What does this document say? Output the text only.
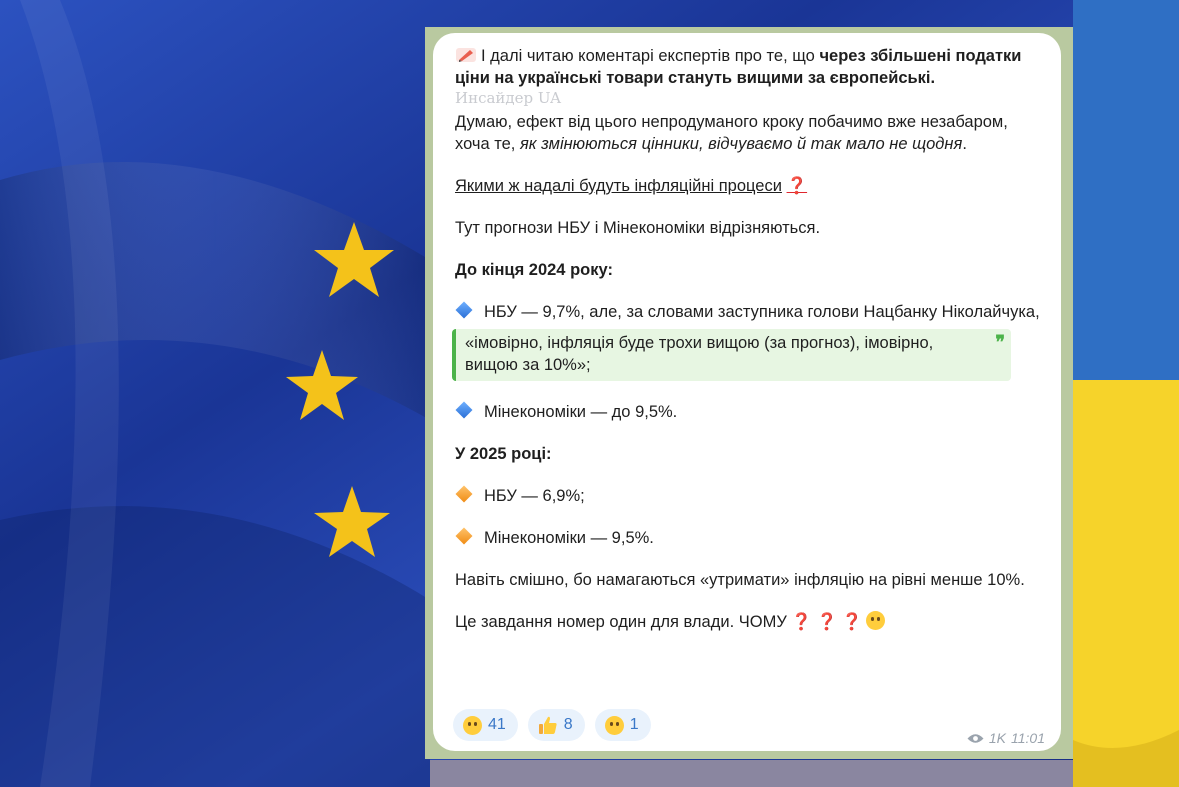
І далі читаю коментарі експертів про те, що через збільшені податки ціни на українські товари стануть вищими за європейські.

Инсайдер UA

Думаю, ефект від цього непродуманого кроку побачимо вже незабаром, хоча те, як змінюються цінники, відчуваємо й так мало не щодня.

Якими ж надалі будуть інфляційні процеси ❓

Тут прогнози НБУ і Мінекономіки відрізняються.

До кінця 2024 року:

НБУ — 9,7%, але, за словами заступника голови Нацбанку Ніколайчука,

«імовірно, інфляція буде трохи вищою (за прогноз), імовірно, вищою за 10%»;
❞

Мінекономіки — до 9,5%.

У 2025 році:

НБУ — 6,9%;

Мінекономіки — 9,5%.

Навіть смішно, бо намагаються «утримати» інфляцію на рівні менше 10%.

Це завдання номер один для влади. ЧОМУ ❓ ❓ ❓

41	8	1
1K 11:01
